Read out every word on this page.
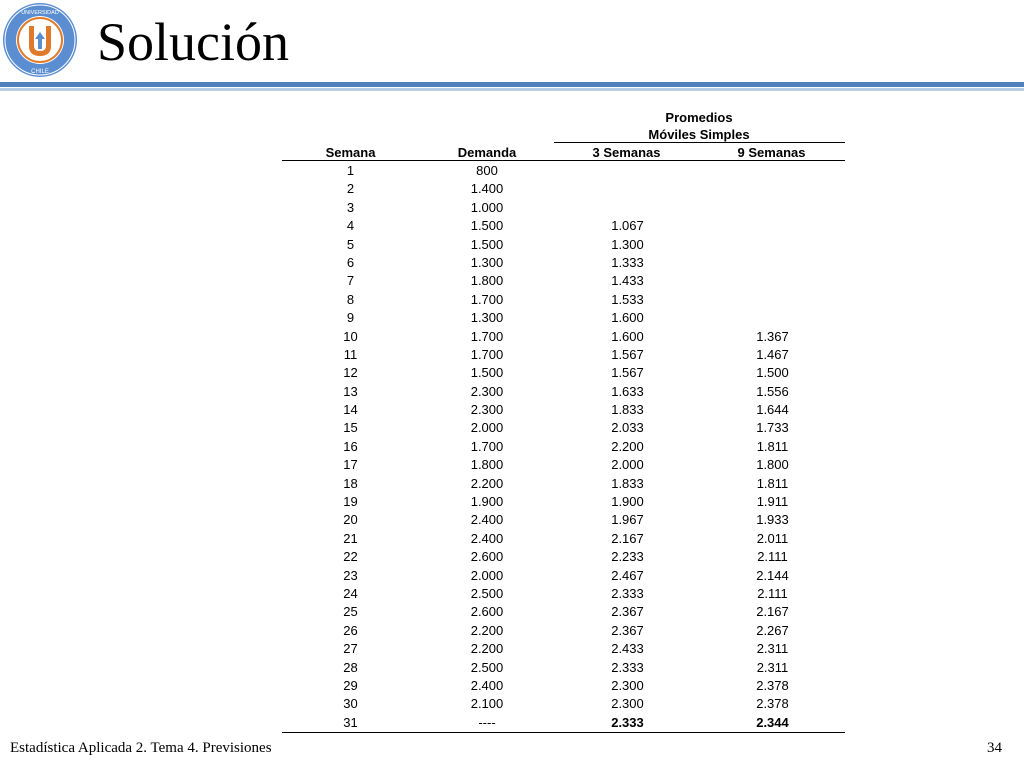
UNIVERSIDAD
CHILE Solución
Promedios
Móviles Simples
Semana	Demanda	3 Semanas	9 Semanas
1	800
2	1.400
3	1.000
4	1.500	1.067
5	1.500	1.300
6	1.300	1.333
7	1.800	1.433
8	1.700	1.533
9	1.300	1.600
10	1.700	1.600	1.367
11	1.700	1.567	1.467
12	1.500	1.567	1.500
13	2.300	1.633	1.556
14	2.300	1.833	1.644
15	2.000	2.033	1.733
16	1.700	2.200	1.811
17	1.800	2.000	1.800
18	2.200	1.833	1.811
19	1.900	1.900	1.911
20	2.400	1.967	1.933
21	2.400	2.167	2.011
22	2.600	2.233	2.111
23	2.000	2.467	2.144
24	2.500	2.333	2.111
25	2.600	2.367	2.167
26	2.200	2.367	2.267
27	2.200	2.433	2.311
28	2.500	2.333	2.311
29	2.400	2.300	2.378
30	2.100	2.300	2.378
31	----	2.333	2.344
Estadística Aplicada 2. Tema 4. Previsiones	34
